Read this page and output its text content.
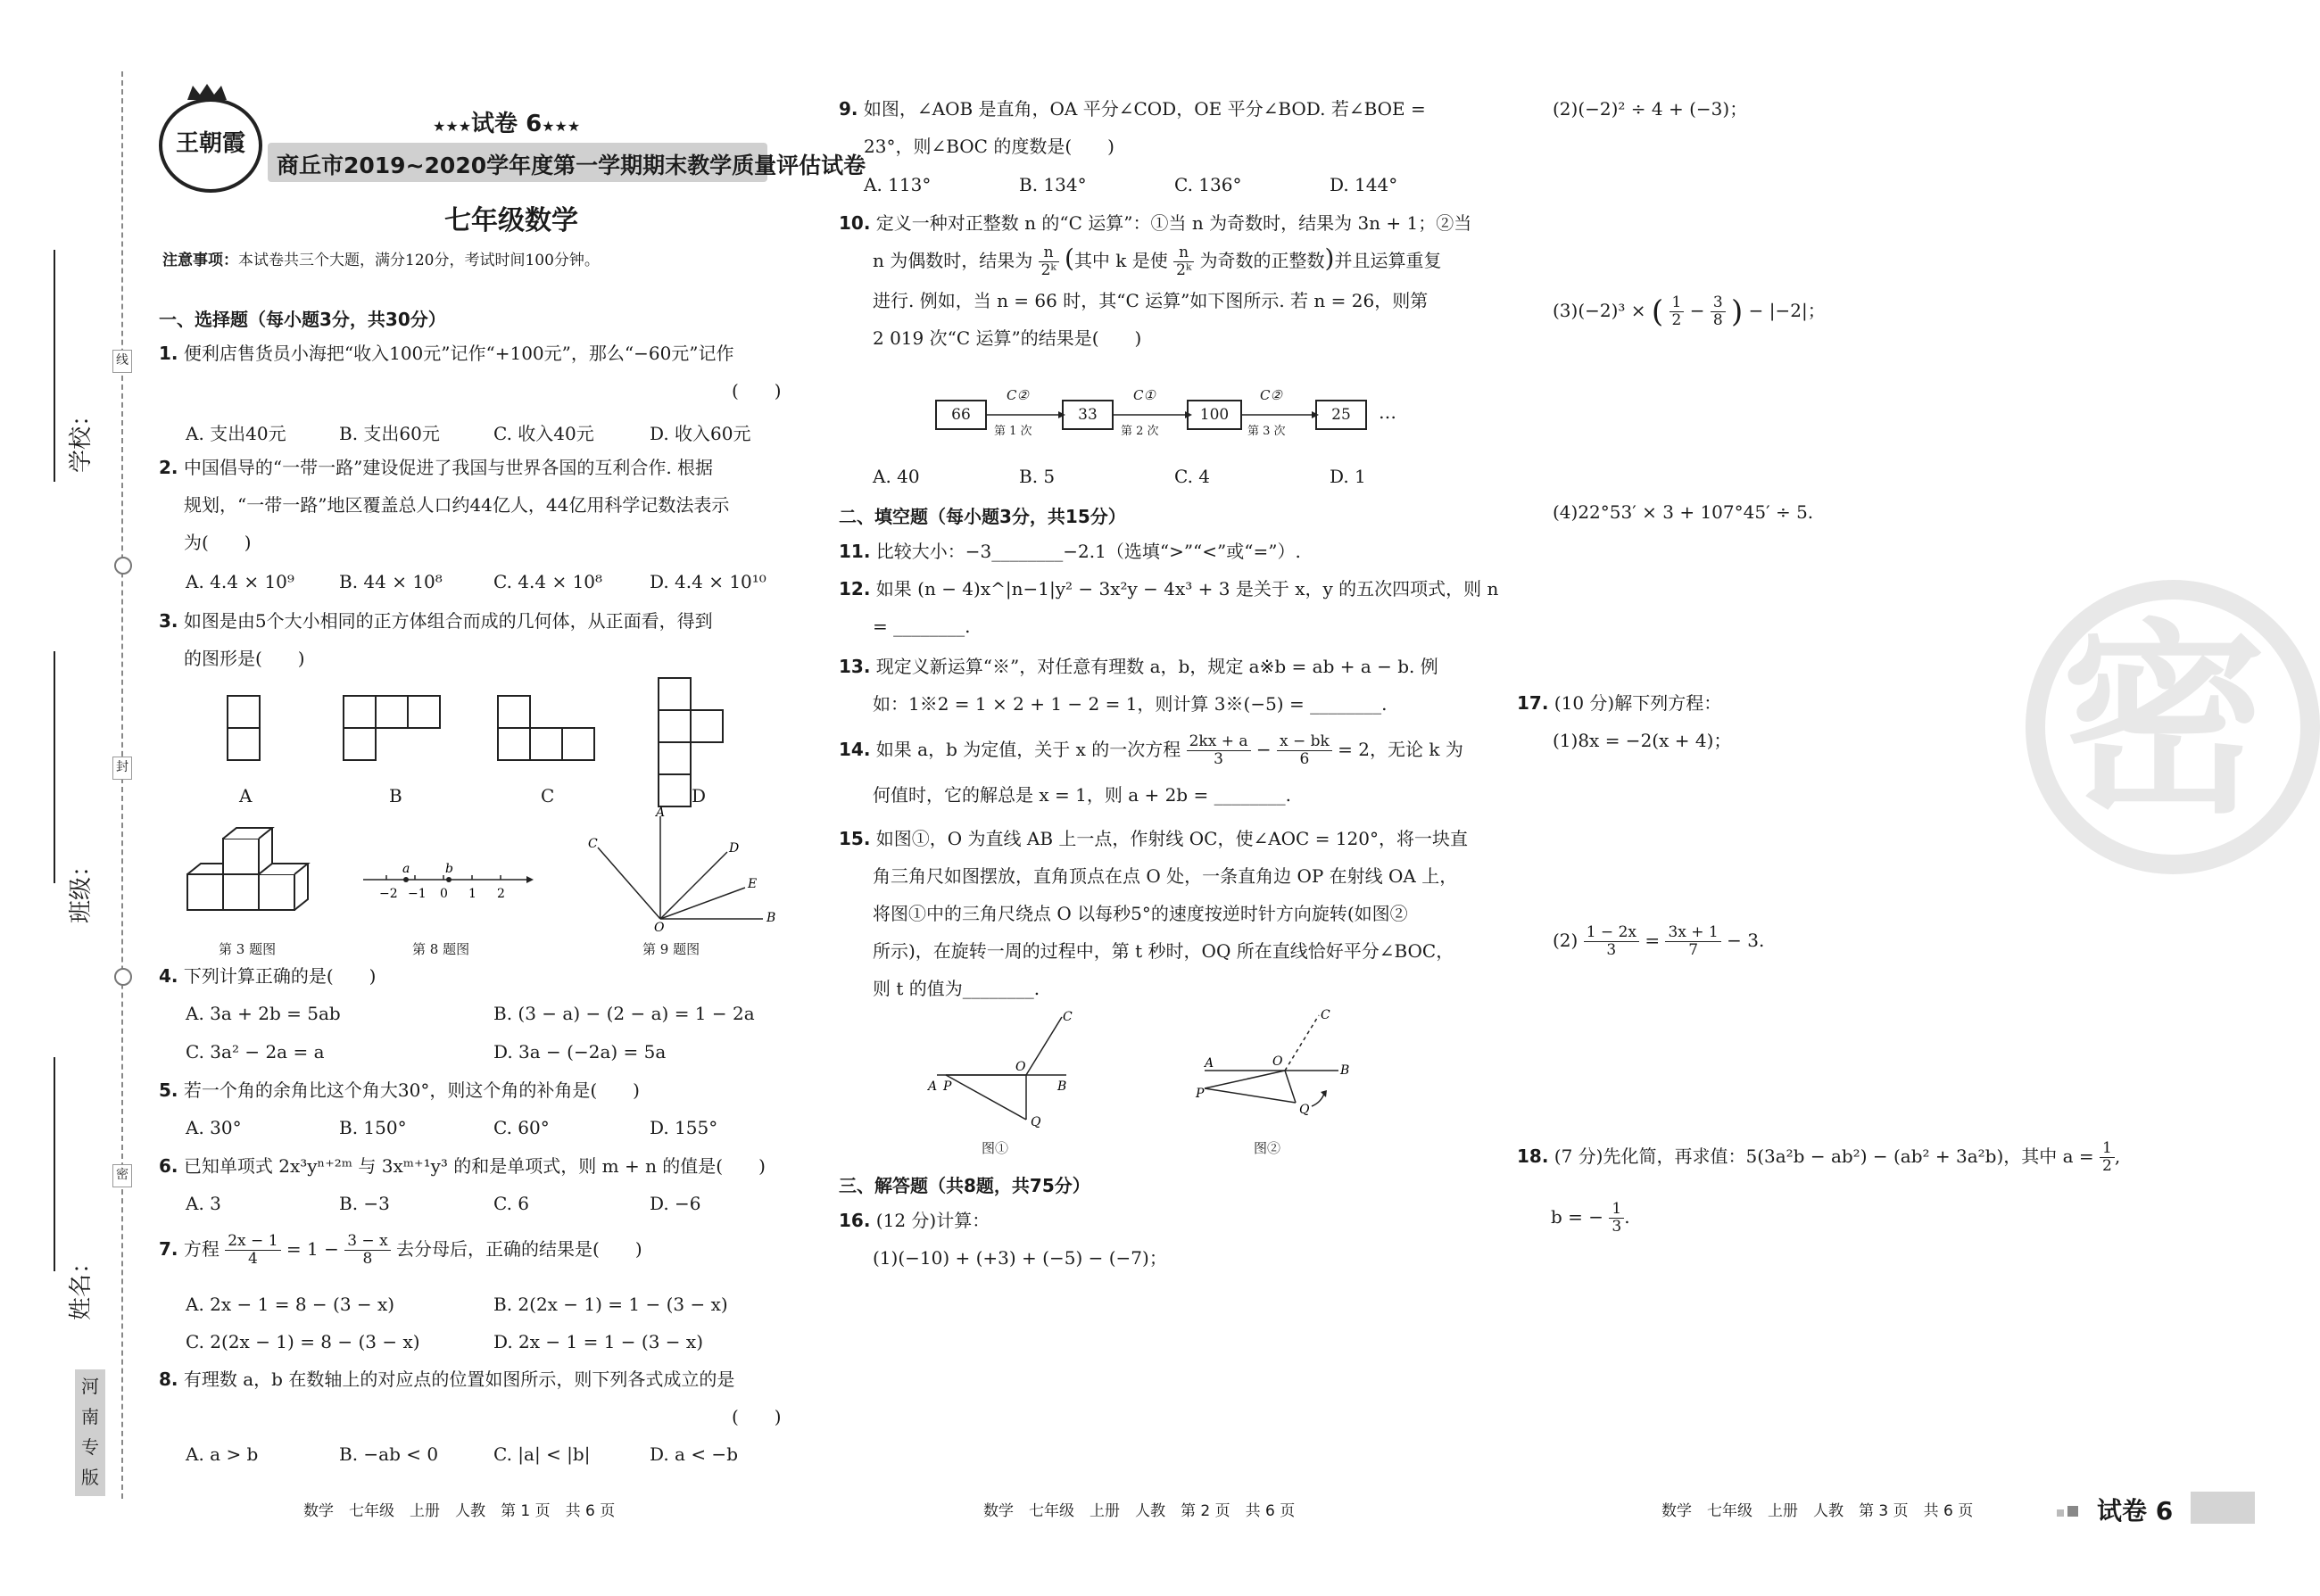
线
封
密
学校：
班级：
姓名：
河
南
专
版
王朝霞
★★★试卷 6★★★
商丘市2019~2020学年度第一学期期末教学质量评估试卷
七年级数学
注意事项：本试卷共三个大题，满分120分，考试时间100分钟。
一、选择题（每小题3分，共30分）
1. 便利店售货员小海把“收入100元”记作“+100元”，那么“−60元”记作
(　　)
A. 支出40元	B. 支出60元	C. 收入40元	D. 收入60元
2. 中国倡导的“一带一路”建设促进了我国与世界各国的互利合作. 根据
规划，“一带一路”地区覆盖总人口约44亿人，44亿用科学记数法表示
为(　　)
A. 4.4 × 10⁹	B. 44 × 10⁸	C. 4.4 × 10⁸	D. 4.4 × 10¹⁰
3. 如图是由5个大小相同的正方体组合而成的几何体，从正面看，得到
的图形是(　　)
A	B	C	D
第 3 题图
a	b
−2 −1 0 1 2
第 8 题图
A
B
C	D
E
O
第 9 题图
4. 下列计算正确的是(　　)
A. 3a + 2b = 5ab	B. (3 − a) − (2 − a) = 1 − 2a
C. 3a² − 2a = a	D. 3a − (−2a) = 5a
5. 若一个角的余角比这个角大30°，则这个角的补角是(　　)
A. 30°	B. 150°	C. 60°	D. 155°
6. 已知单项式 2x³yⁿ⁺²ᵐ 与 3xᵐ⁺¹y³ 的和是单项式，则 m + n 的值是(　　)
A. 3	B. −3	C. 6	D. −6
7. 方程 $\frac{2x - 1}{4} = 1 - \frac{3 - x}{8}$ 去分母后，正确的结果是(　　)
A. 2x − 1 = 8 − (3 − x)	B. 2(2x − 1) = 1 − (3 − x)
C. 2(2x − 1) = 8 − (3 − x)	D. 2x − 1 = 1 − (3 − x)
8. 有理数 a，b 在数轴上的对应点的位置如图所示，则下列各式成立的是
(　　)
A. a > b	B. −ab < 0	C. |a| < |b|	D. a < −b
9. 如图，∠AOB 是直角，OA 平分∠COD，OE 平分∠BOD. 若∠BOE =
23°，则∠BOC 的度数是(　　)
A. 113°	B. 134°	C. 136°	D. 144°
10. 定义一种对正整数 n 的“C 运算”：①当 n 为奇数时，结果为 3n + 1；②当
n 为偶数时，结果为 $\frac{n}{\text{2ᵏ}}$ (其中 k 是使 $\frac{n}{\text{2ᵏ}}$ 为奇数的正整数)并且运算重复
进行. 例如，当 n = 66 时，其“C 运算”如下图所示. 若 n = 26，则第
2 019 次“C 运算”的结果是(　　)
66	33	100	25	…
C②	C①	C②
第 1 次	第 2 次	第 3 次
A. 40	B. 5	C. 4	D. 1
二、填空题（每小题3分，共15分）
11. 比较大小：−3________−2.1（选填“>”“<”或“=”）.
12. 如果 (n − 4)x^|n−1|y² − 3x²y − 4x³ + 3 是关于 x，y 的五次四项式，则 n
= ________.
13. 现定义新运算“※”，对任意有理数 a，b，规定 a※b = ab + a − b. 例
如：1※2 = 1 × 2 + 1 − 2 = 1，则计算 3※(−5) = ________.
14. 如果 a，b 为定值，关于 x 的一次方程 $\frac{2kx + a}{3} - \frac{x - bk}{6} = 2$，无论 k 为
何值时，它的解总是 x = 1，则 a + 2b = ________.
15. 如图①，O 为直线 AB 上一点，作射线 OC，使∠AOC = 120°，将一块直
角三角尺如图摆放，直角顶点在点 O 处，一条直角边 OP 在射线 OA 上，
将图①中的三角尺绕点 O 以每秒5°的速度按逆时针方向旋转(如图②
所示)，在旋转一周的过程中，第 t 秒时，OQ 所在直线恰好平分∠BOC，
则 t 的值为________.
A P
O
B
C
Q
图①
A
P
O
B
C
Q
图②
三、解答题（共8题，共75分）
16. (12 分)计算：
(1)(−10) + (+3) + (−5) − (−7)；
(2)(−2)² ÷ 4 + (−3)；
(3)(−2)³ × ( $\frac{1}{2} - \frac{3}{8}$ ) − |−2|；
(4)22°53′ × 3 + 107°45′ ÷ 5.
17. (10 分)解下列方程：
(1)8x = −2(x + 4)；
$(2) \frac{1 - 2x}{3} = \frac{3x + 1}{7} - 3$.
18. (7 分)先化简，再求值：5(3a²b − ab²) − (ab² + 3a²b)，其中 $a = \frac{1}{2}$ ,
b = − $\frac{1}{3}$ .
密
数学　七年级　上册　人教　第 1 页　共 6 页	数学　七年级　上册　人教　第 2 页　共 6 页	数学　七年级　上册　人教　第 3 页　共 6 页	试卷 6
